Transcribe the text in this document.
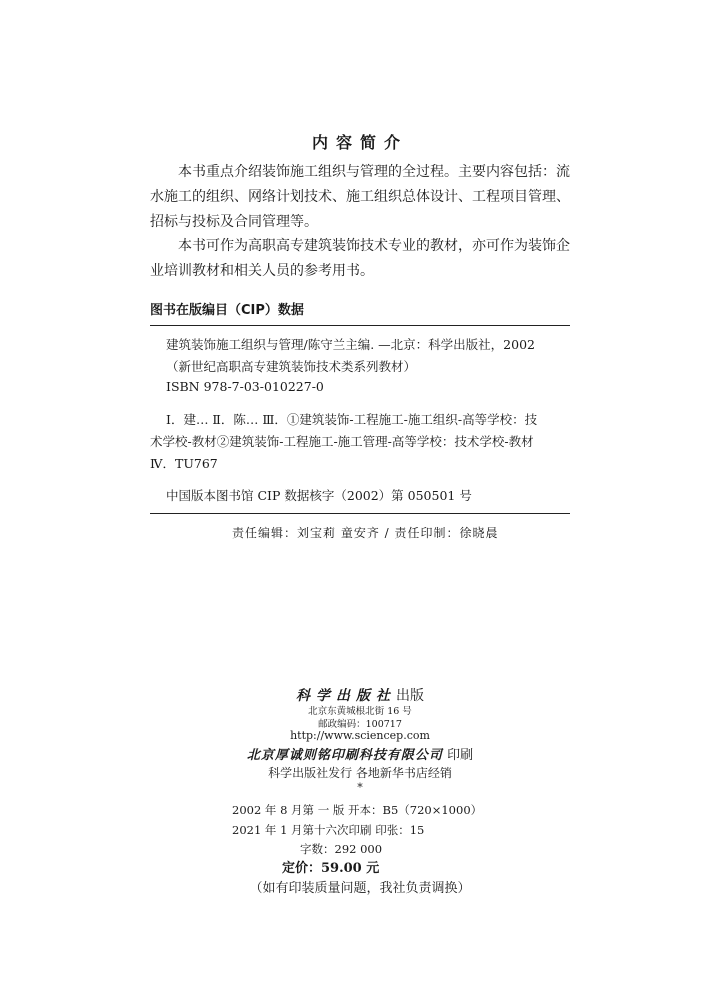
内容简介
本书重点介绍装饰施工组织与管理的全过程。主要内容包括：流水施工的组织、网络计划技术、施工组织总体设计、工程项目管理、招标与投标及合同管理等。
本书可作为高职高专建筑装饰技术专业的教材，亦可作为装饰企业培训教材和相关人员的参考用书。
图书在版编目（CIP）数据
建筑装饰施工组织与管理/陈守兰主编. —北京：科学出版社，2002
（新世纪高职高专建筑装饰技术类系列教材）
ISBN 978-7-03-010227-0
Ⅰ．建… Ⅱ．陈… Ⅲ．①建筑装饰-工程施工-施工组织-高等学校：技
术学校-教材②建筑装饰-工程施工-施工管理-高等学校：技术学校-教材
Ⅳ．TU767
中国版本图书馆 CIP 数据核字（2002）第 050501 号
责任编辑：刘宝莉 童安齐 / 责任印制：徐晓晨
科学出版社出版
北京东黄城根北街 16 号
邮政编码：100717
http://www.sciencep.com
北京厚诚则铭印刷科技有限公司 印刷
科学出版社发行 各地新华书店经销
*
2002 年 8 月第 一 版 开本：B5（720×1000）
2021 年 1 月第十六次印刷 印张：15
字数：292 000
定价：59.00 元
（如有印装质量问题，我社负责调换）
